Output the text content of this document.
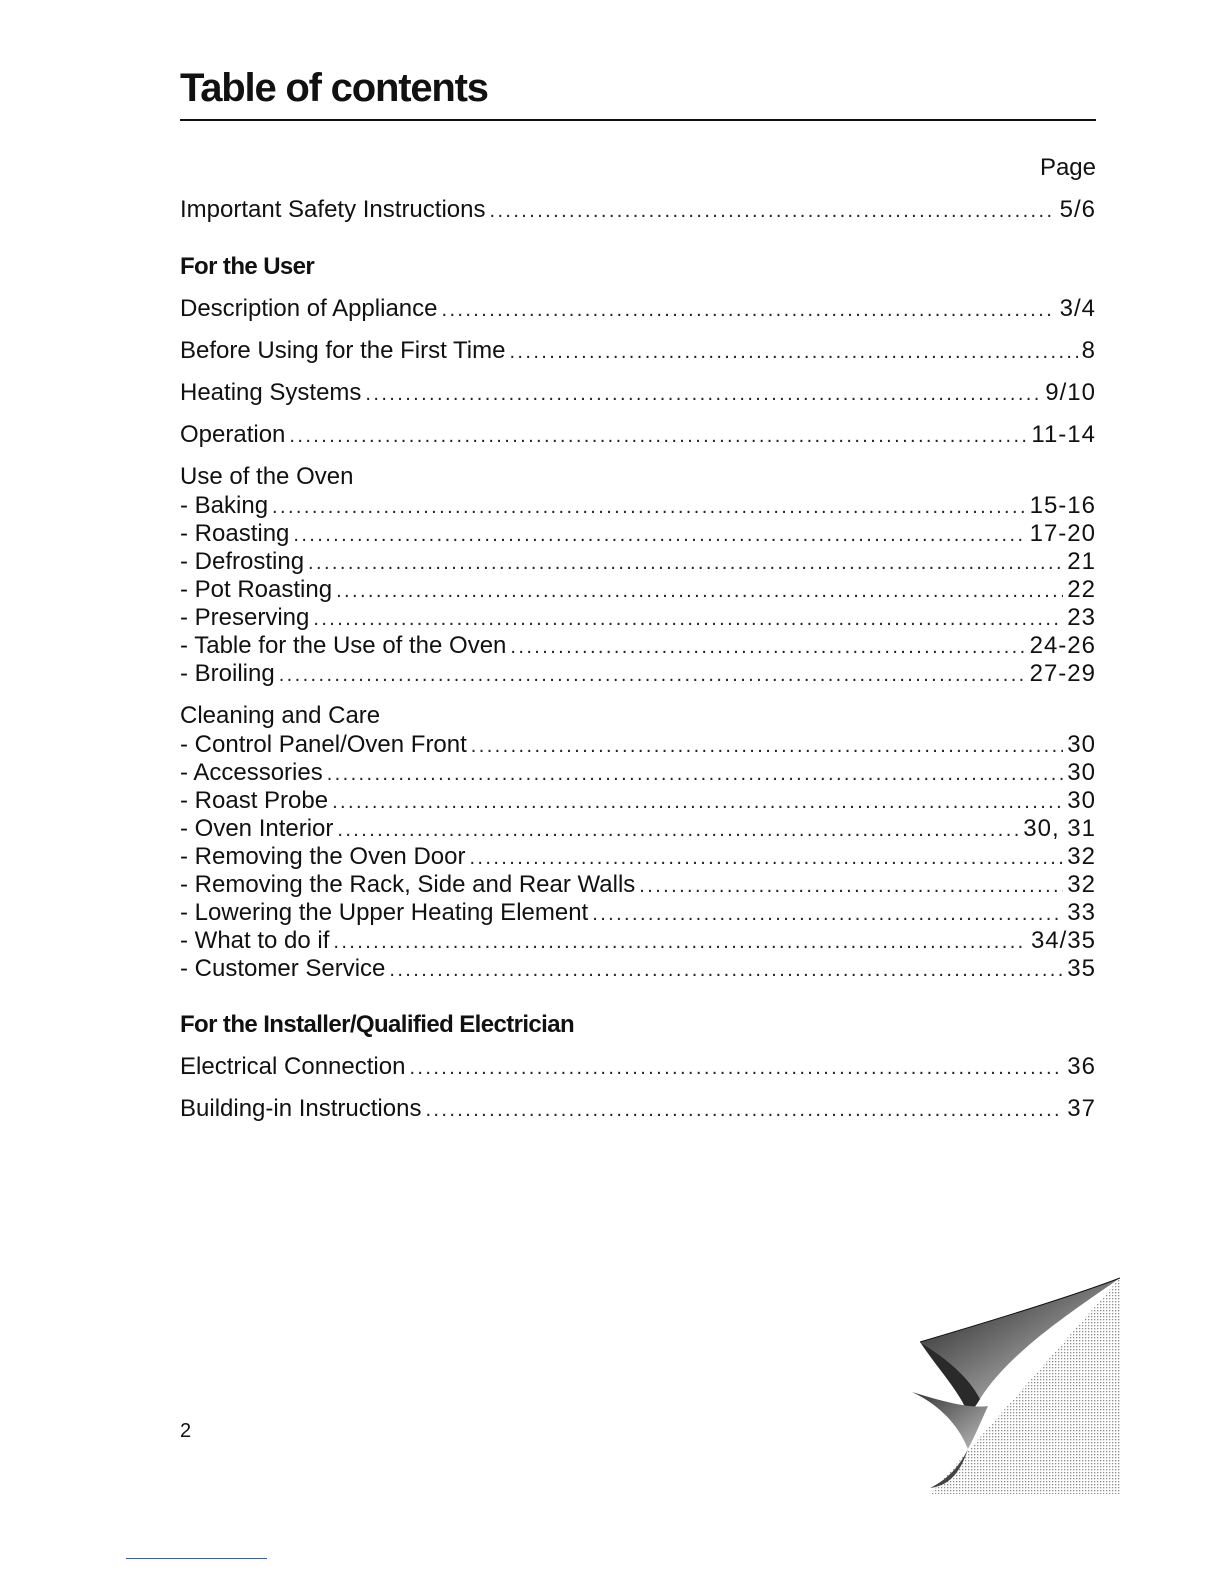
Table of contents
Page
Important Safety Instructions .....	5/6
For the User
Description of Appliance .....	3/4
Before Using for the First Time .....	8
Heating Systems .....	9/10
Operation .....	11-14
Use of the Oven
- Baking .....	15-16
- Roasting .....	17-20
- Defrosting .....	21
- Pot Roasting .....	22
- Preserving .....	23
- Table for the Use of the Oven .....	24-26
- Broiling .....	27-29
Cleaning and Care
- Control Panel/Oven Front .....	30
- Accessories .....	30
- Roast Probe .....	30
- Oven Interior .....	30, 31
- Removing the Oven Door .....	32
- Removing the Rack, Side and Rear Walls .....	32
- Lowering the Upper Heating Element .....	33
- What to do if .....	34/35
- Customer Service .....	35
For the Installer/Qualified Electrician
Electrical Connection .....	36
Building-in Instructions .....	37
2
